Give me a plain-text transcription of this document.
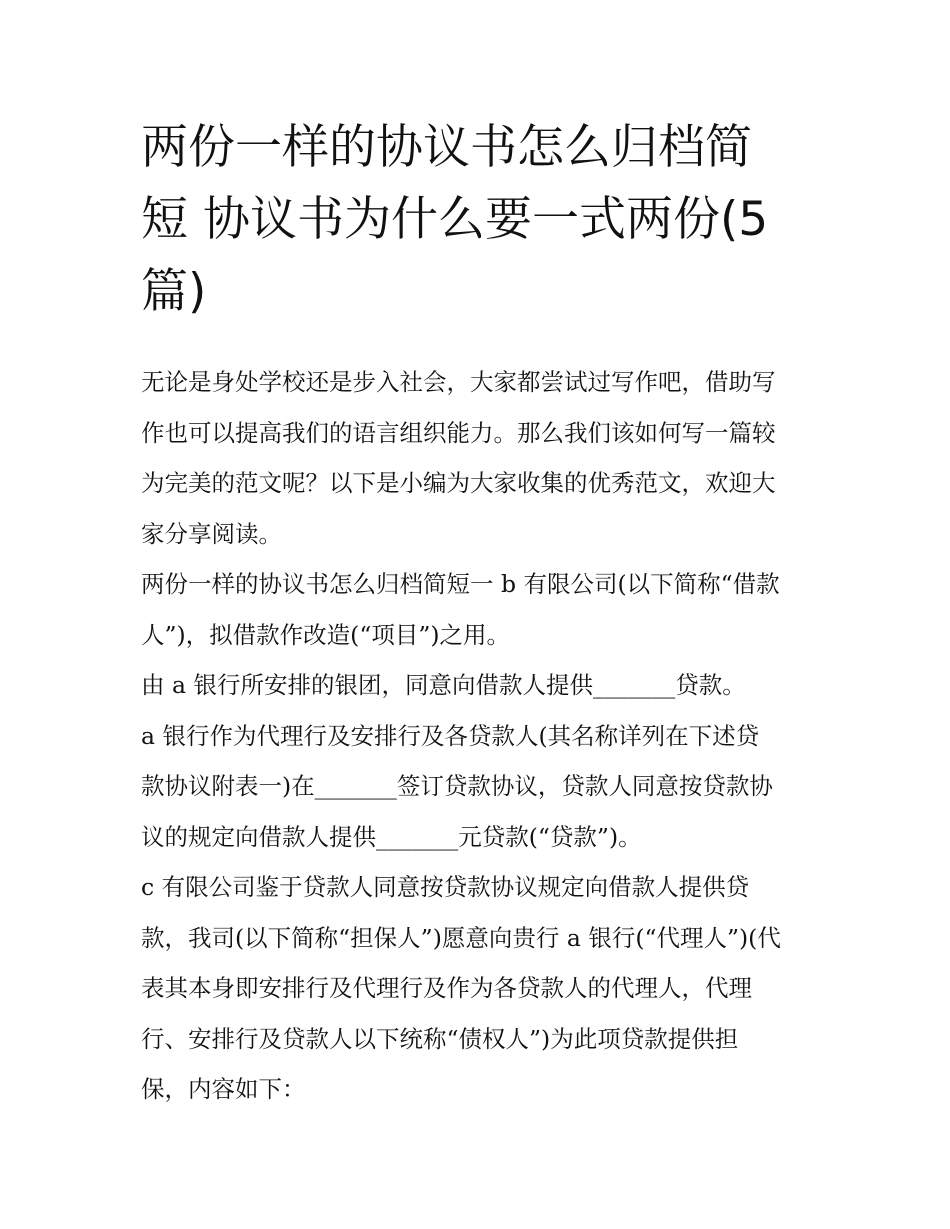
两份一样的协议书怎么归档简
短 协议书为什么要一式两份(5
篇)

无论是身处学校还是步入社会，大家都尝试过写作吧，借助写
作也可以提高我们的语言组织能力。那么我们该如何写一篇较
为完美的范文呢？以下是小编为大家收集的优秀范文，欢迎大
家分享阅读。

两份一样的协议书怎么归档简短一 b 有限公司(以下简称“借款
人”)，拟借款作改造(“项目”)之用。

由 a 银行所安排的银团，同意向借款人提供_______贷款。

a 银行作为代理行及安排行及各贷款人(其名称详列在下述贷
款协议附表一)在_______签订贷款协议，贷款人同意按贷款协
议的规定向借款人提供_______元贷款(“贷款”)。

c 有限公司鉴于贷款人同意按贷款协议规定向借款人提供贷
款，我司(以下简称“担保人”)愿意向贵行 a 银行(“代理人”)(代
表其本身即安排行及代理行及作为各贷款人的代理人，代理
行、安排行及贷款人以下统称“债权人”)为此项贷款提供担
保，内容如下：
